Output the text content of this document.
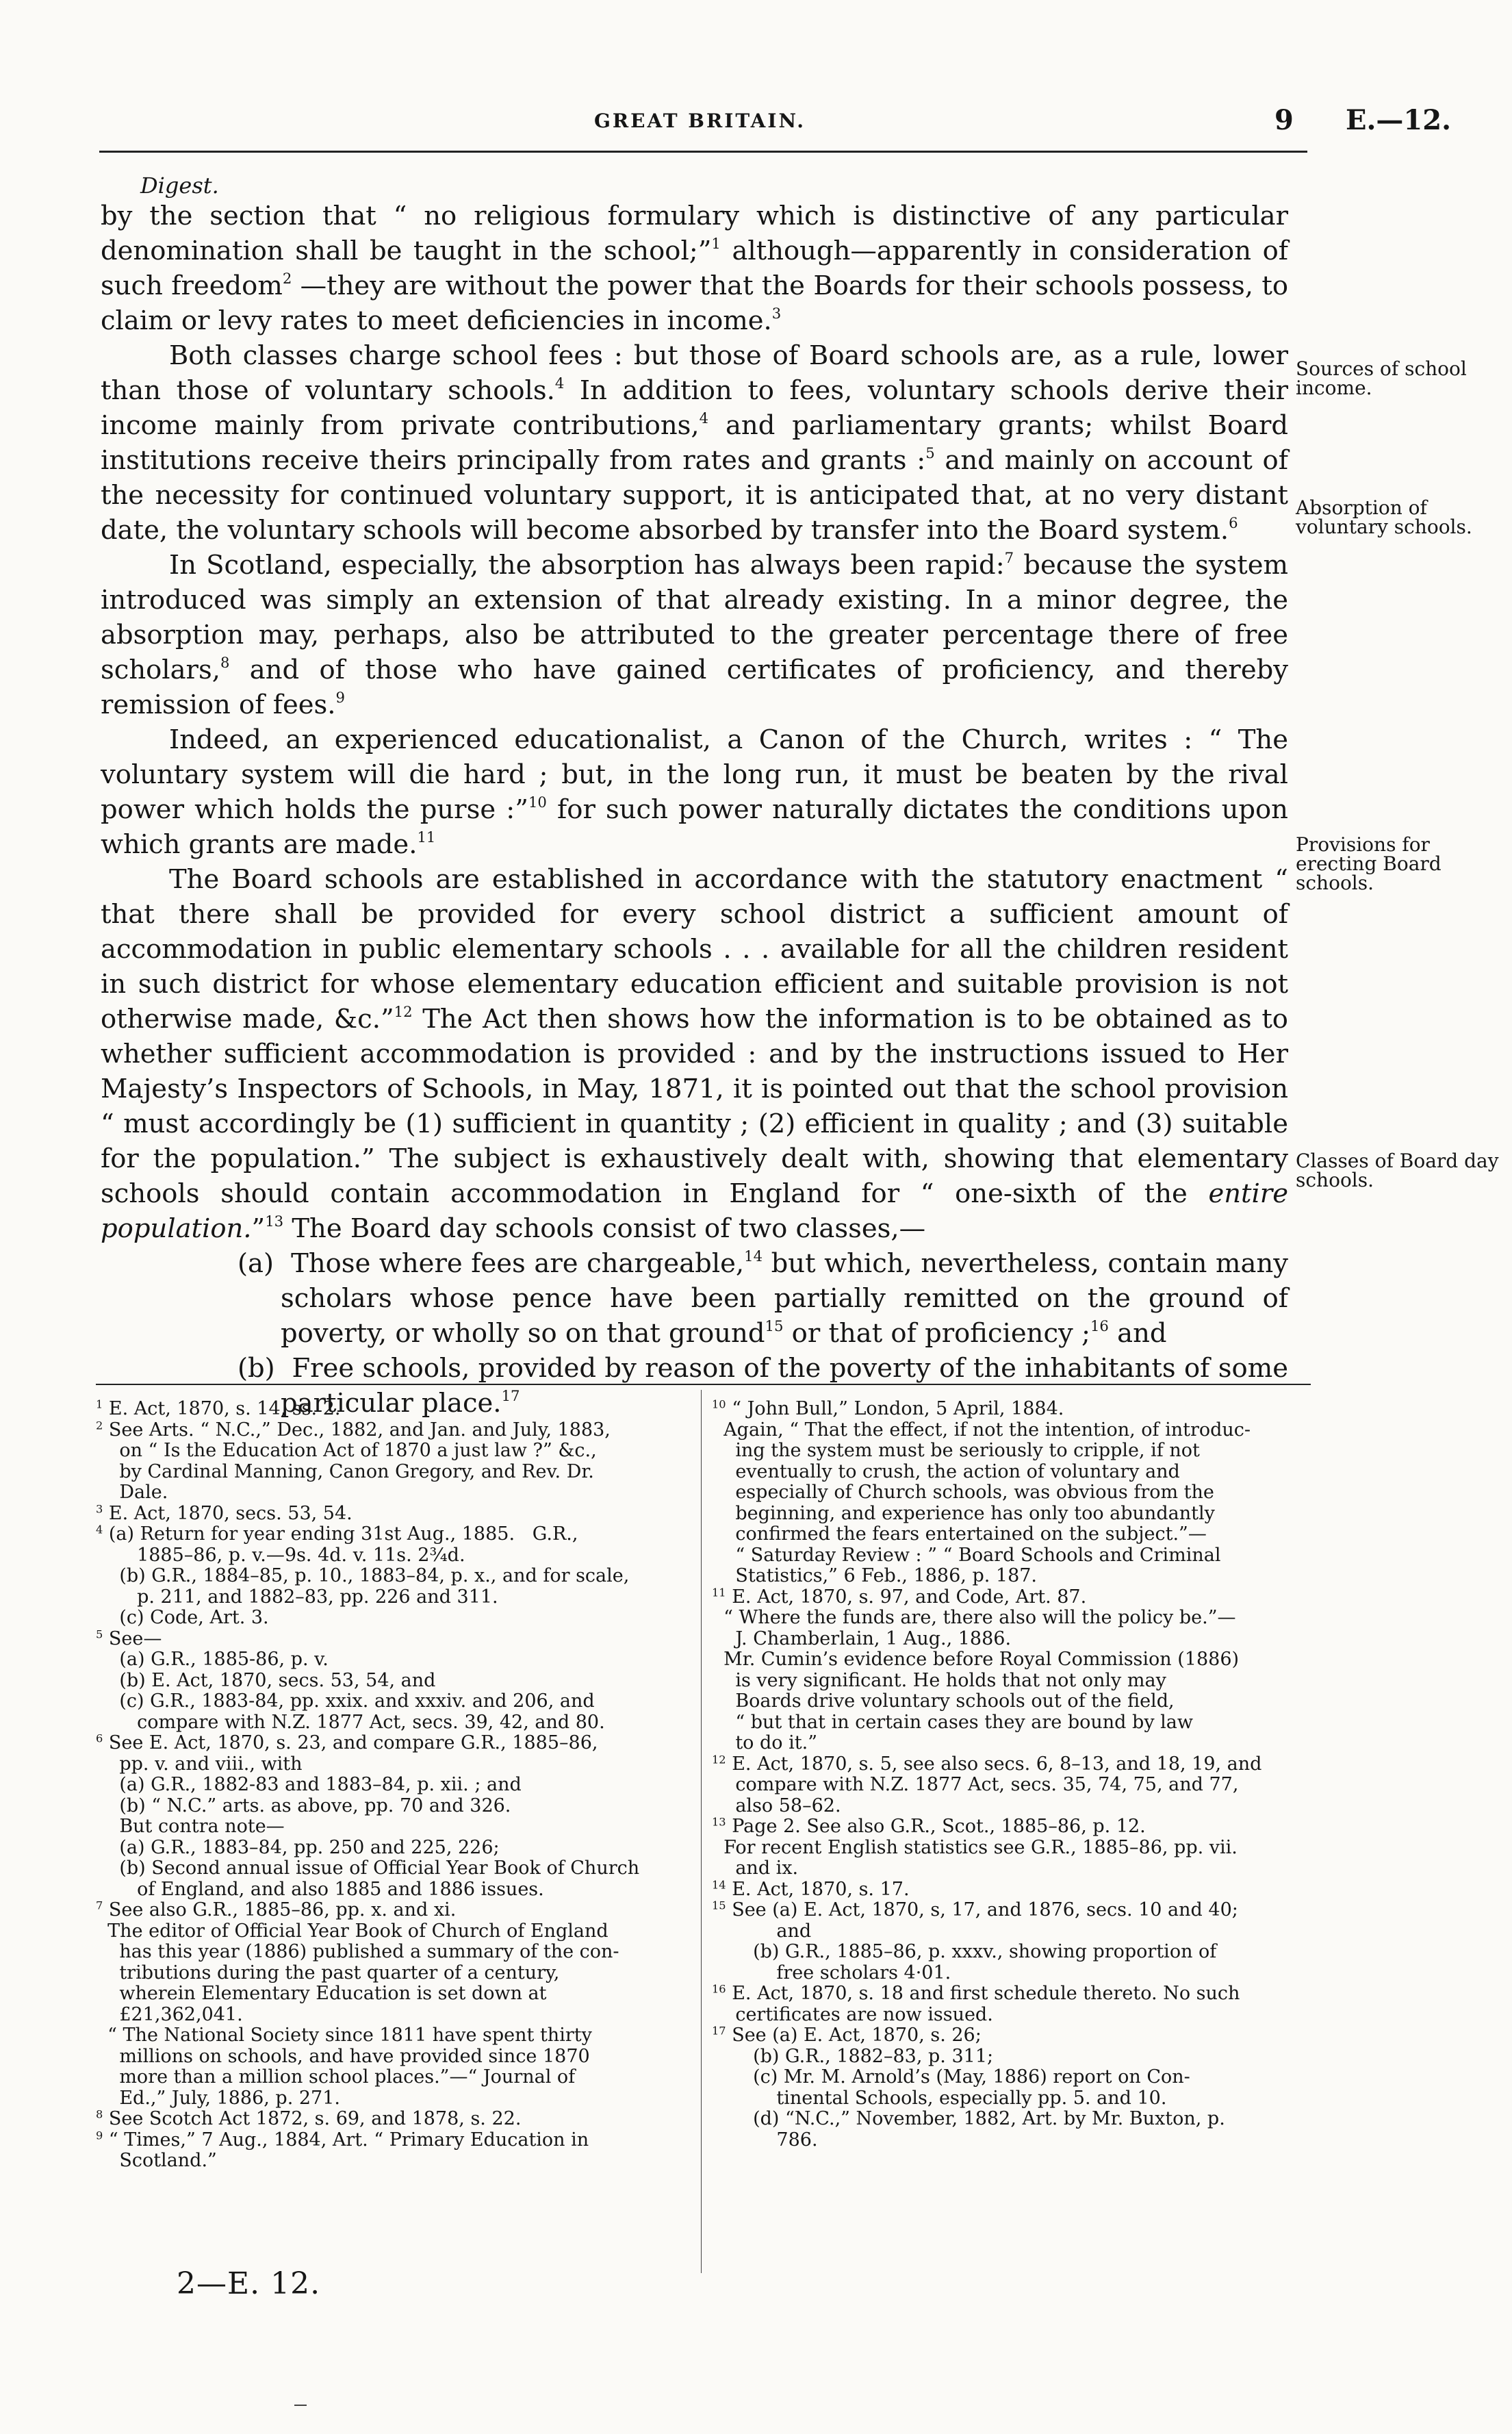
GREAT BRITAIN.	9 E.—12.
Digest.

by the section that “ no religious formulary which is distinctive of any particular denomination shall be taught in the school;”$^1$ although—apparently in consideration of such freedom$^2$ —they are without the power that the Boards for their schools possess, to claim or levy rates to meet deficiencies in income.$^3$

Both classes charge school fees : but those of Board schools are, as a rule, lower than those of voluntary schools.$^4$ In addition to fees, voluntary schools derive their income mainly from private contributions,$^4$ and parliamentary grants; whilst Board institutions receive theirs principally from rates and grants :$^5$ and mainly on account of the necessity for continued voluntary support, it is anticipated that, at no very distant date, the voluntary schools will become absorbed by transfer into the Board system.$^6$

In Scotland, especially, the absorption has always been rapid:$^7$ because the system introduced was simply an extension of that already existing. In a minor degree, the absorption may, perhaps, also be attributed to the greater percentage there of free scholars,$^8$ and of those who have gained certificates of proficiency, and thereby remission of fees.$^9$

Indeed, an experienced educationalist, a Canon of the Church, writes : “ The voluntary system will die hard ; but, in the long run, it must be beaten by the rival power which holds the purse :”$^{10}$ for such power naturally dictates the conditions upon which grants are made.$^{11}$

The Board schools are established in accordance with the statutory enactment “ that there shall be provided for every school district a sufficient amount of accommodation in public elementary schools . . . available for all the children resident in such district for whose elementary education efficient and suitable provision is not otherwise made, &c.”$^{12}$ The Act then shows how the information is to be obtained as to whether sufficient accommodation is provided : and by the instructions issued to Her Majesty’s Inspectors of Schools, in May, 1871, it is pointed out that the school provision “ must accordingly be (1) sufficient in quantity ; (2) efficient in quality ; and (3) suitable for the population.” The subject is exhaustively dealt with, showing that elementary schools should contain accommodation in England for “ one-sixth of the entire population.”$^{13}$ The Board day schools consist of two classes,—

(a) Those where fees are chargeable,$^{14}$ but which, nevertheless, contain many scholars whose pence have been partially remitted on the ground of poverty, or wholly so on that ground$^{15}$ or that of proficiency ;$^{16}$ and

(b) Free schools, provided by reason of the poverty of the inhabitants of some particular place.$^{17}$

Sources of school income.
Absorption of voluntary schools.
Provisions for erecting Board schools.
Classes of Board day schools.
$^1$ E. Act, 1870, s. 14, ss. 2.
$^2$ See Arts. “ N.C.,” Dec., 1882, and Jan. and July, 1883,
on “ Is the Education Act of 1870 a just law ?” &c.,
by Cardinal Manning, Canon Gregory, and Rev. Dr.
Dale.
$^3$ E. Act, 1870, secs. 53, 54.
$^4$ (a) Return for year ending 31st Aug., 1885.   G.R.,
1885–86, p. v.—9s. 4d. v. 11s. 2¾d.
(b) G.R., 1884–85, p. 10., 1883–84, p. x., and for scale,
p. 211, and 1882–83, pp. 226 and 311.
(c) Code, Art. 3.
$^5$ See—
(a) G.R., 1885-86, p. v.
(b) E. Act, 1870, secs. 53, 54, and
(c) G.R., 1883-84, pp. xxix. and xxxiv. and 206, and
compare with N.Z. 1877 Act, secs. 39, 42, and 80.
$^6$ See E. Act, 1870, s. 23, and compare G.R., 1885–86,
pp. v. and viii., with
(a) G.R., 1882-83 and 1883–84, p. xii. ; and
(b) “ N.C.” arts. as above, pp. 70 and 326.
But contra note—
(a) G.R., 1883–84, pp. 250 and 225, 226;
(b) Second annual issue of Official Year Book of Church
of England, and also 1885 and 1886 issues.
$^7$ See also G.R., 1885–86, pp. x. and xi.
The editor of Official Year Book of Church of England
has this year (1886) published a summary of the con-
tributions during the past quarter of a century,
wherein Elementary Education is set down at
£21,362,041.
“ The National Society since 1811 have spent thirty
millions on schools, and have provided since 1870
more than a million school places.”—“ Journal of
Ed.,” July, 1886, p. 271.
$^8$ See Scotch Act 1872, s. 69, and 1878, s. 22.
$^9$ “ Times,” 7 Aug., 1884, Art. “ Primary Education in
Scotland.”
$^{10}$ “ John Bull,” London, 5 April, 1884.
Again, “ That the effect, if not the intention, of introduc-
ing the system must be seriously to cripple, if not
eventually to crush, the action of voluntary and
especially of Church schools, was obvious from the
beginning, and experience has only too abundantly
confirmed the fears entertained on the subject.”—
“ Saturday Review : ” “ Board Schools and Criminal
Statistics,” 6 Feb., 1886, p. 187.
$^{11}$ E. Act, 1870, s. 97, and Code, Art. 87.
“ Where the funds are, there also will the policy be.”—
J. Chamberlain, 1 Aug., 1886.
Mr. Cumin’s evidence before Royal Commission (1886)
is very significant. He holds that not only may
Boards drive voluntary schools out of the field,
“ but that in certain cases they are bound by law
to do it.”
$^{12}$ E. Act, 1870, s. 5, see also secs. 6, 8–13, and 18, 19, and
compare with N.Z. 1877 Act, secs. 35, 74, 75, and 77,
also 58–62.
$^{13}$ Page 2. See also G.R., Scot., 1885–86, p. 12.
For recent English statistics see G.R., 1885–86, pp. vii.
and ix.
$^{14}$ E. Act, 1870, s. 17.
$^{15}$ See (a) E. Act, 1870, s, 17, and 1876, secs. 10 and 40;
and
(b) G.R., 1885–86, p. xxxv., showing proportion of
free scholars 4·01.
$^{16}$ E. Act, 1870, s. 18 and first schedule thereto. No such
certificates are now issued.
$^{17}$ See (a) E. Act, 1870, s. 26;
(b) G.R., 1882–83, p. 311;
(c) Mr. M. Arnold’s (May, 1886) report on Con-
tinental Schools, especially pp. 5. and 10.
(d) “N.C.,” November, 1882, Art. by Mr. Buxton, p.
786.
2—E. 12.
